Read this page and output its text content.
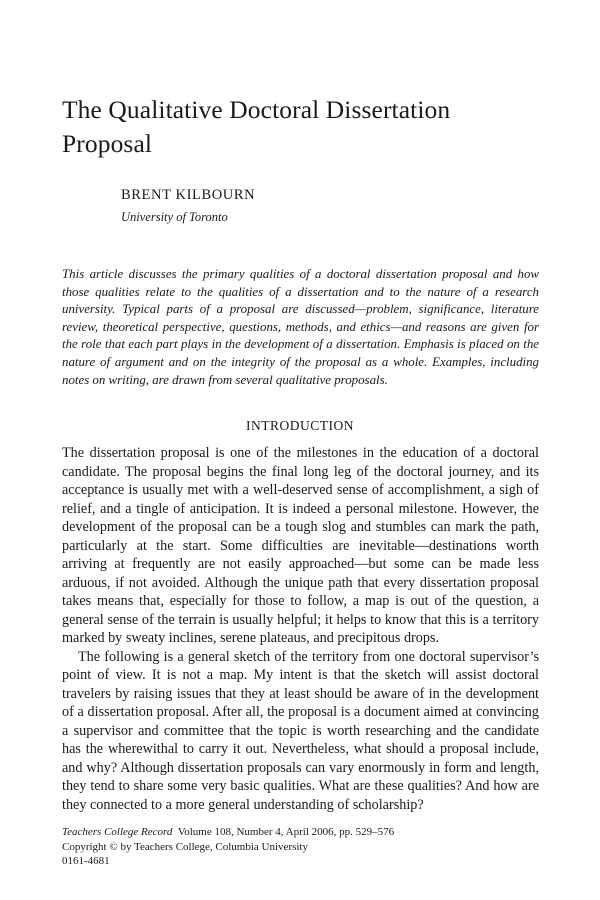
The Qualitative Doctoral Dissertation Proposal

BRENT KILBOURN

University of Toronto

This article discusses the primary qualities of a doctoral dissertation proposal and how those qualities relate to the qualities of a dissertation and to the nature of a research university. Typical parts of a proposal are discussed—problem, significance, literature review, theoretical perspective, questions, methods, and ethics—and reasons are given for the role that each part plays in the development of a dissertation. Emphasis is placed on the nature of argument and on the integrity of the proposal as a whole. Examples, including notes on writing, are drawn from several qualitative proposals.

INTRODUCTION

The dissertation proposal is one of the milestones in the education of a doctoral candidate. The proposal begins the final long leg of the doctoral journey, and its acceptance is usually met with a well-deserved sense of accomplishment, a sigh of relief, and a tingle of anticipation. It is indeed a personal milestone. However, the development of the proposal can be a tough slog and stumbles can mark the path, particularly at the start. Some difficulties are inevitable—destinations worth arriving at frequently are not easily approached—but some can be made less arduous, if not avoided. Although the unique path that every dissertation proposal takes means that, especially for those to follow, a map is out of the question, a general sense of the terrain is usually helpful; it helps to know that this is a territory marked by sweaty inclines, serene plateaus, and precipitous drops.

The following is a general sketch of the territory from one doctoral supervisor’s point of view. It is not a map. My intent is that the sketch will assist doctoral travelers by raising issues that they at least should be aware of in the development of a dissertation proposal. After all, the proposal is a document aimed at convincing a supervisor and committee that the topic is worth researching and the candidate has the wherewithal to carry it out. Nevertheless, what should a proposal include, and why? Although dissertation proposals can vary enormously in form and length, they tend to share some very basic qualities. What are these qualities? And how are they connected to a more general understanding of scholarship?

Teachers College Record Volume 108, Number 4, April 2006, pp. 529–576
Copyright © by Teachers College, Columbia University
0161-4681
